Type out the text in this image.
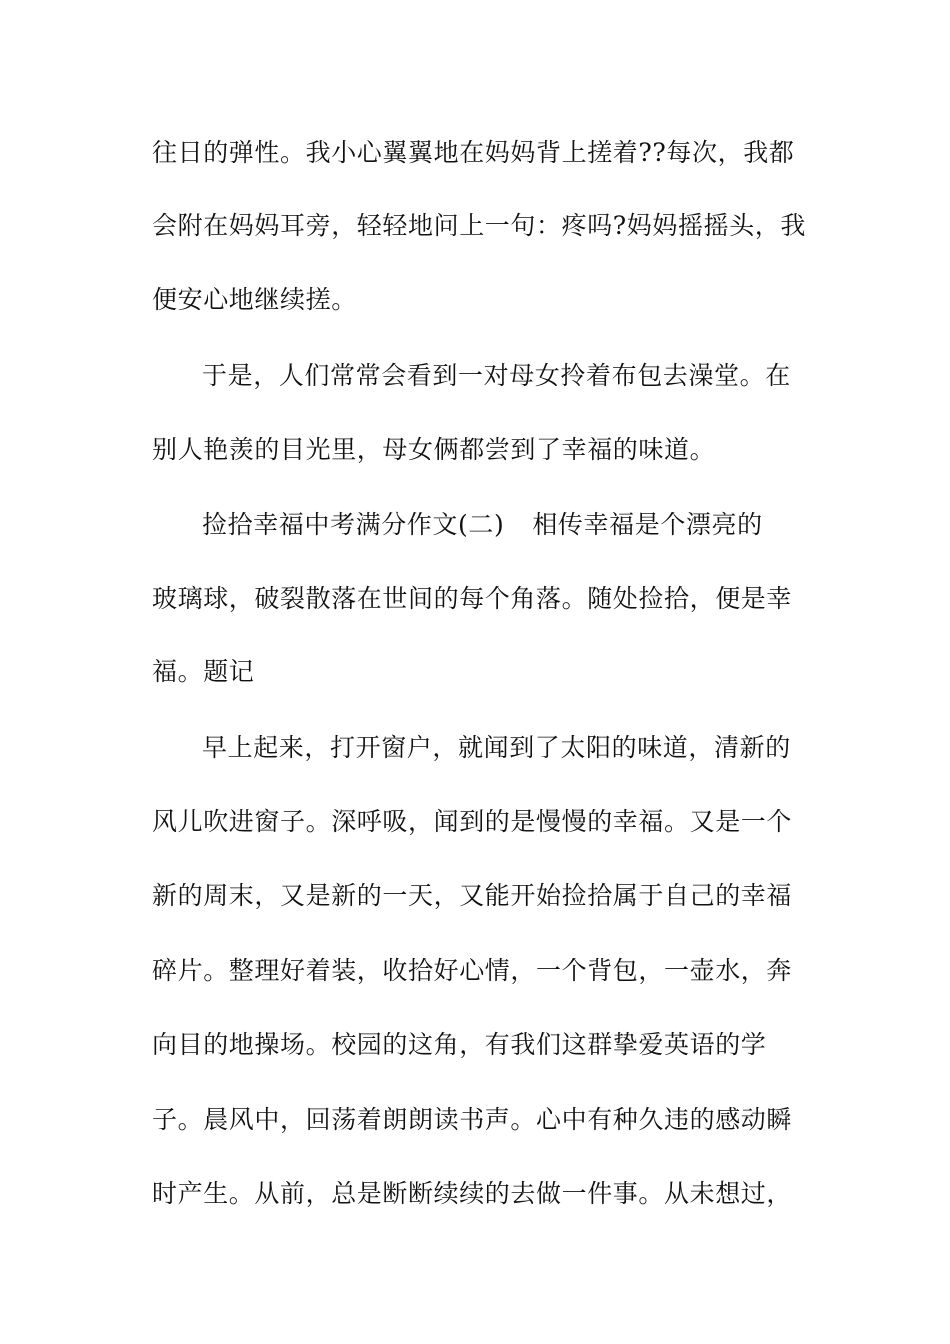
往日的弹性。我小心翼翼地在妈妈背上搓着??每次，我都
会附在妈妈耳旁，轻轻地问上一句：疼吗?妈妈摇摇头，我
便安心地继续搓。
于是，人们常常会看到一对母女拎着布包去澡堂。在
别人艳羡的目光里，母女俩都尝到了幸福的味道。
捡拾幸福中考满分作文(二) 相传幸福是个漂亮的
玻璃球，破裂散落在世间的每个角落。随处捡拾，便是幸
福。题记
早上起来，打开窗户，就闻到了太阳的味道，清新的
风儿吹进窗子。深呼吸，闻到的是慢慢的幸福。又是一个
新的周末，又是新的一天，又能开始捡拾属于自己的幸福
碎片。整理好着装，收拾好心情，一个背包，一壶水，奔
向目的地操场。校园的这角，有我们这群挚爱英语的学
子。晨风中，回荡着朗朗读书声。心中有种久违的感动瞬
时产生。从前，总是断断续续的去做一件事。从未想过，
